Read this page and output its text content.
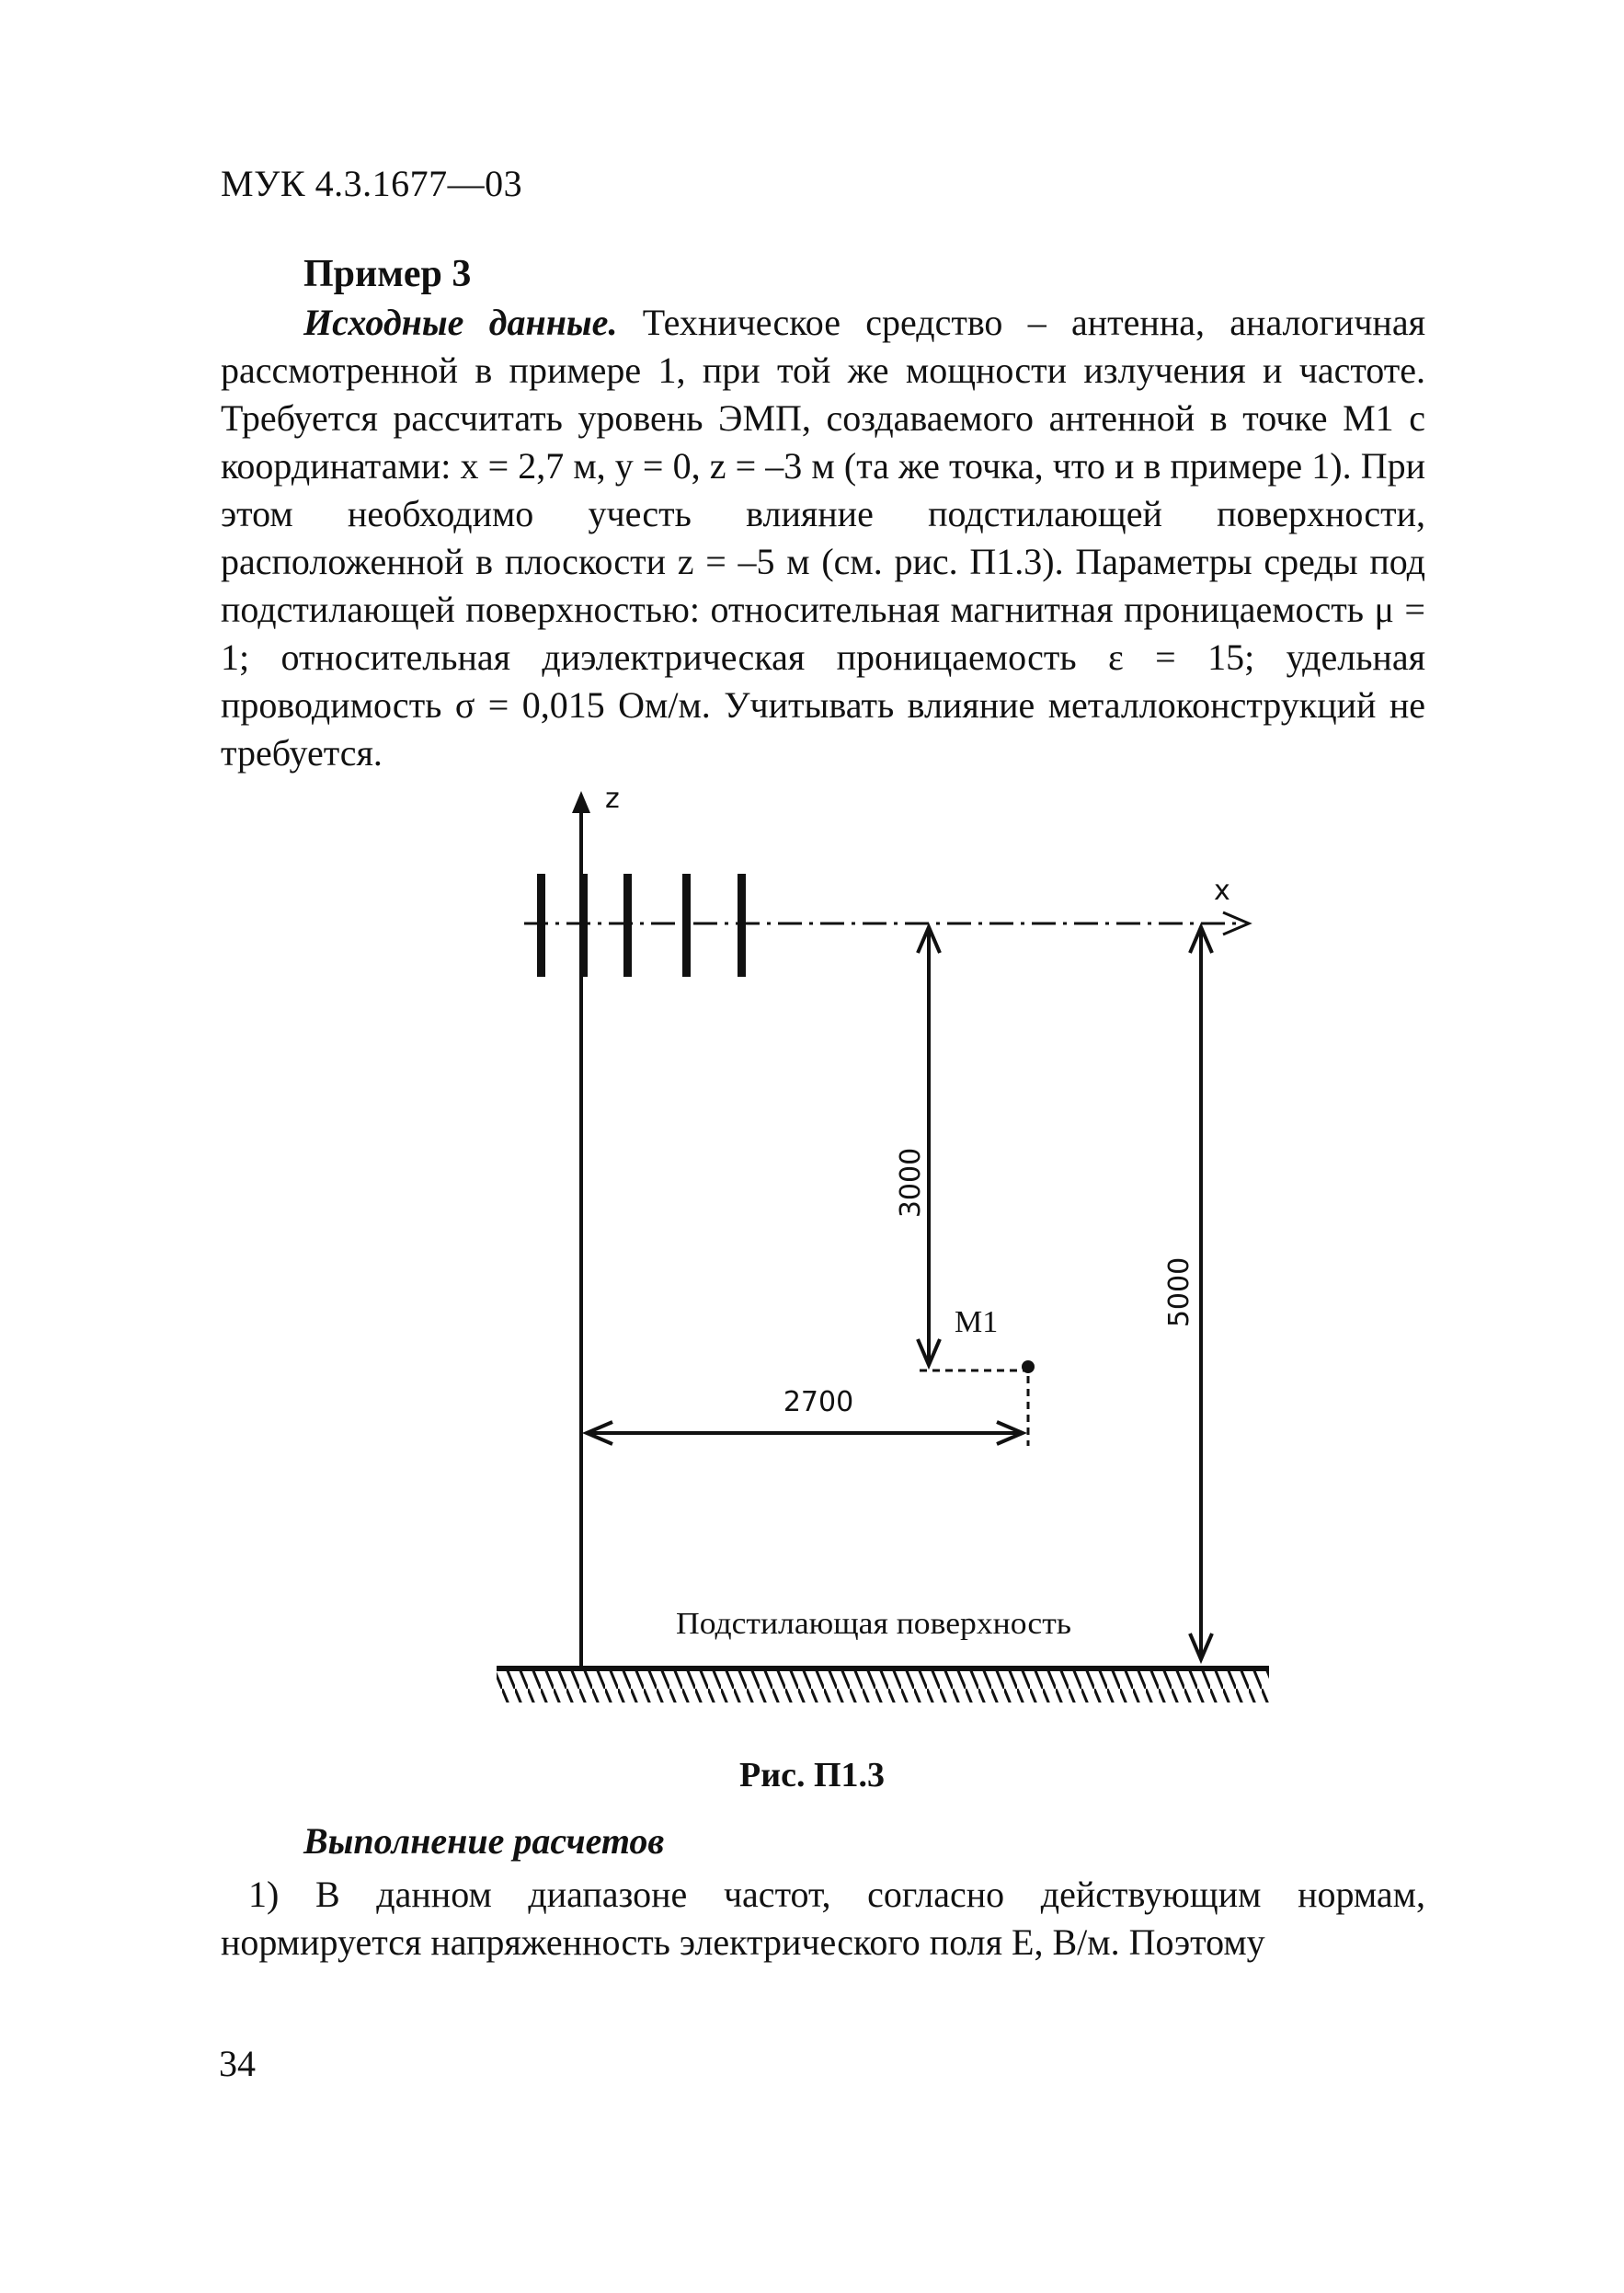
МУК 4.3.1677—03
Пример 3
Исходные данные. Техническое средство – антенна, аналогичная рассмотренной в примере 1, при той же мощности излучения и частоте. Требуется рассчитать уровень ЭМП, создаваемого антенной в точке М1 с координатами: x = 2,7 м, y = 0, z = –3 м (та же точка, что и в примере 1). При этом необходимо учесть влияние подстилающей поверхности, расположенной в плоскости z = –5 м (см. рис. П1.3). Параметры среды под подстилающей поверхностью: относительная магнитная проницаемость μ = 1; относительная диэлектрическая проницаемость ε = 15; удельная проводимость σ = 0,015 Ом/м. Учитывать влияние металлоконструкций не требуется.
z
x
3000
М1
2700
5000
Подстилающая поверхность
Рис. П1.3
Выполнение расчетов
1) В данном диапазоне частот, согласно действующим нормам, нормируется напряженность электрического поля E, В/м. Поэтому
34
